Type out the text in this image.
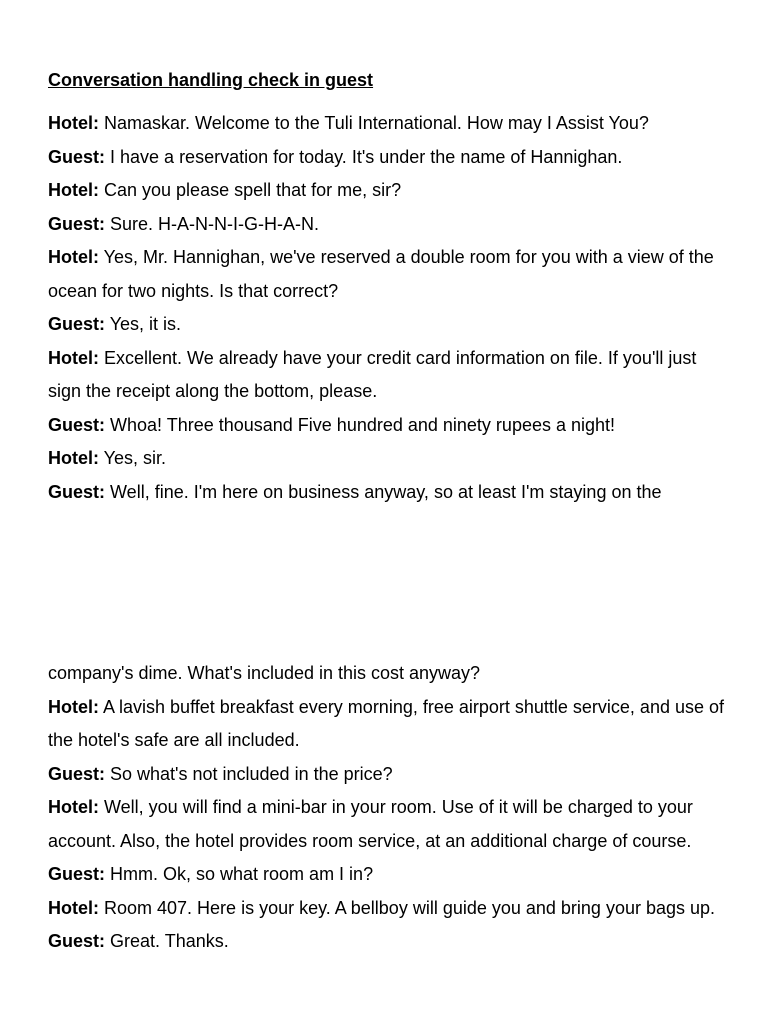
Conversation handling check in guest

Hotel: Namaskar. Welcome to the Tuli International. How may I Assist You?

Guest: I have a reservation for today. It's under the name of Hannighan.

Hotel: Can you please spell that for me, sir?

Guest: Sure. H-A-N-N-I-G-H-A-N.

Hotel: Yes, Mr. Hannighan, we've reserved a double room for you with a view of the ocean for two nights. Is that correct?

Guest: Yes, it is.

Hotel: Excellent. We already have your credit card information on file. If you'll just sign the receipt along the bottom, please.

Guest: Whoa! Three thousand Five hundred and ninety rupees a night!

Hotel: Yes, sir.

Guest: Well, fine. I'm here on business anyway, so at least I'm staying on the

company's dime. What's included in this cost anyway?

Hotel: A lavish buffet breakfast every morning, free airport shuttle service, and use of the hotel's safe are all included.

Guest: So what's not included in the price?

Hotel: Well, you will find a mini-bar in your room. Use of it will be charged to your account. Also, the hotel provides room service, at an additional charge of course.

Guest: Hmm. Ok, so what room am I in?

Hotel: Room 407. Here is your key. A bellboy will guide you and bring your bags up.

Guest: Great. Thanks.
